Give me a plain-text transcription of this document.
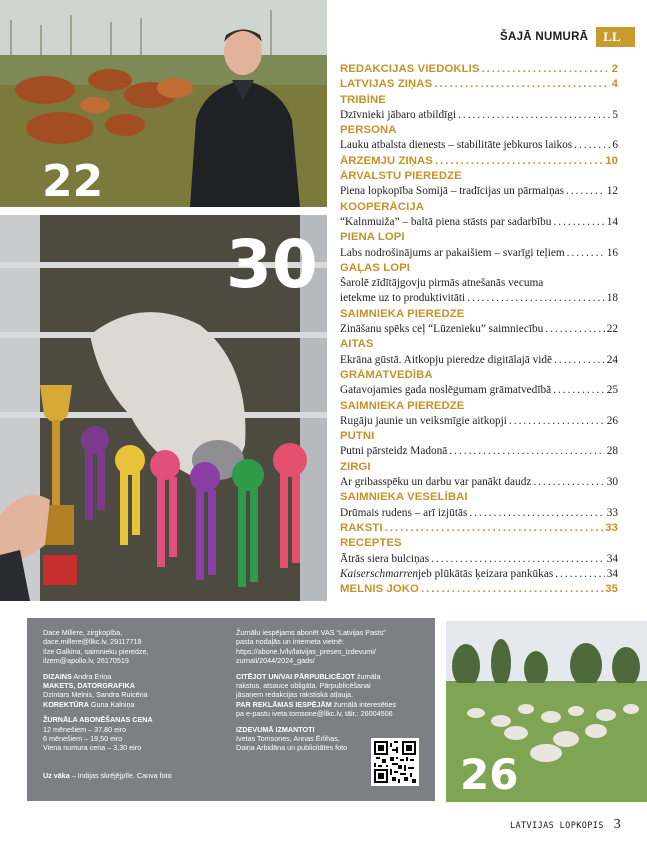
22
30
26
ŠAJĀ NUMURĀ	LL
REDAKCIJAS VIEDOKLIS .....	2
LATVIJAS ZIŅAS .....	4
TRIBĪNE
Dzīvnieki jābaro atbildīgi .....	5
PERSONA
Lauku atbalsta dienests – stabilitāte jebkuros laikos .....	6
ĀRZEMJU ZIŅAS .....	10
ĀRVALSTU PIEREDZE
Piena lopkopība Somijā – tradīcijas un pārmaiņas .....	12
KOOPERĀCIJA
“Kalnmuiža” – baltā piena stāsts par sadarbību .....	14
PIENA LOPI
Labs nodrošinājums ar pakaišiem – svarīgi teļiem .....	16
GAĻAS LOPI
Šarolē zīdītājgovju pirmās atnešanās vecuma
ietekme uz to produktivitāti .....	18
SAIMNIEKA PIEREDZE
Zināšanu spēks ceļ “Lūzenieku” saimniecību .....	22
AITAS
Ekrāna gūstā. Aitkopju pieredze digitālajā vidē .....	24
GRĀMATVEDĪBA
Gatavojamies gada noslēgumam grāmatvedībā .....	25
SAIMNIEKA PIEREDZE
Rugāju jaunie un veiksmīgie aitkopji .....	26
PUTNI
Putni pārsteidz Madonā .....	28
ZIRGI
Ar gribasspēku un darbu var panākt daudz .....	30
SAIMNIEKA VESELĪBAI
Drūmais rudens – arī izjūtās .....	33
RAKSTI .....	33
RECEPTES
Ātrās siera bulciņas .....	34
Kaiserschmarren jeb plūkātās ķeizara pankūkas .....	34
MELNIS JOKO .....	35

Dace Millere, zirgkopība,

dace.millere@llkc.lv, 29117718

Ilze Galkina, saimnieku pieredze,

ilzem@apollo.lv, 26170519

DIZAINS Andra Eriņa

MAKETS, DATORGRAFIKA

Dzintars Melnis, Sandra Ruicēna

KOREKTŪRA Guna Kalniņa

ŽURNĀLA ABONĒŠANAS CENA

12 mēnešiem – 37,80 eiro

6 mēnešiem – 19,50 eiro

Viena numura cena – 3,30 eiro

Uz vāka – Indijas skrējējpīle. Canva foto

Žurnālu iespējams abonēt VAS “Latvijas Pasts”

pasta nodaļās un interneta vietnē:

https://abone.lv/lv/latvijas_preses_izdevumi/

zurnali/2044/2024_gads/

CITĒJOT UN/VAI PĀRPUBLICĒJOT žurnāla

rakstus, atsauce obligāta. Pārpublicēšanai

jāsaņem redakcijas rakstiska atļauja.

PAR REKLĀMAS IESPĒJĀM žurnālā interesēties

pa e-pastu iveta.tomsone@llkc.lv, tālr.: 26004506

IZDEVUMĀ IZMANTOTI

Ivetas Tomsones, Annas Ērlihas,

Daiņa Arbidāna un publicitātes foto

LATVIJAS LOPKOPIS 3
